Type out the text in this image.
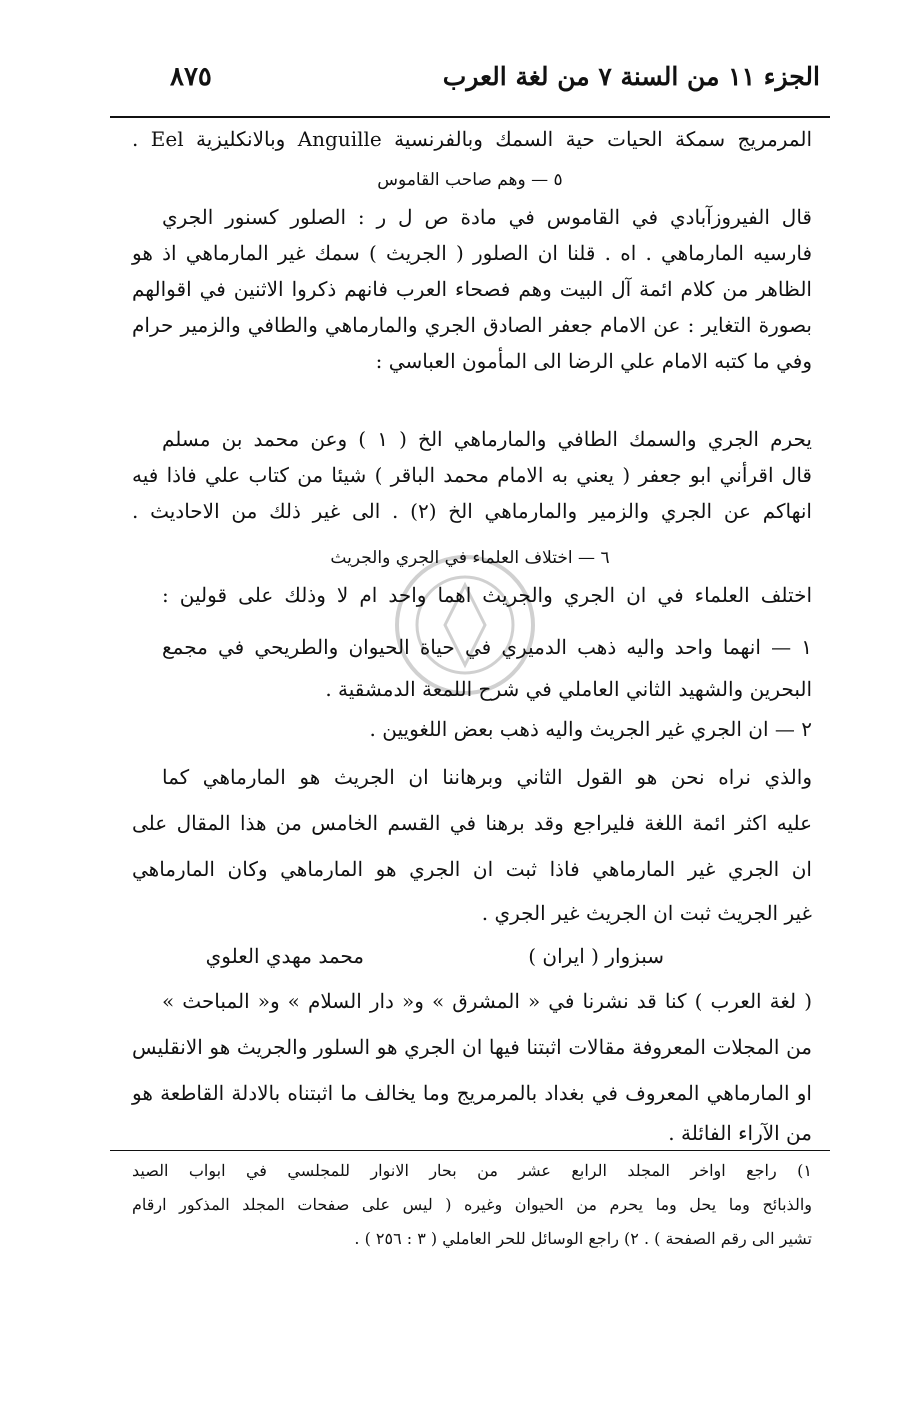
٨٧٥	الجزء ١١ من السنة ٧ من لغة العرب
المرمريج سمكة الحيات حية السمك وبالفرنسية Anguille وبالانكليزية Eel .
٥ — وهم صاحب القاموس
قال الفيروزآبادي في القاموس في مادة ص ل ر : الصلور كسنور الجري
فارسيه المارماهي . اه . قلنا ان الصلور ( الجريث ) سمك غير المارماهي اذ هو
الظاهر من كلام ائمة آل البيت وهم فصحاء العرب فانهم ذكروا الاثنين في اقوالهم
بصورة التغاير : عن الامام جعفر الصادق الجري والمارماهي والطافي والزمير حرام
وفي ما كتبه الامام علي الرضا الى المأمون العباسي :
يحرم الجري والسمك الطافي والمارماهي الخ ( ١ ) وعن محمد بن مسلم
قال اقرأني ابو جعفر ( يعني به الامام محمد الباقر ) شيئا من كتاب علي فاذا فيه
انهاكم عن الجري والزمير والمارماهي الخ (٢) . الى غير ذلك من الاحاديث .
٦ — اختلاف العلماء في الجري والجريث
اختلف العلماء في ان الجري والجريث اهما واحد ام لا وذلك على قولين :
١ — انهما واحد واليه ذهب الدميري في حياة الحيوان والطريحي في مجمع
البحرين والشهيد الثاني العاملي في شرح اللمعة الدمشقية .
٢ — ان الجري غير الجريث واليه ذهب بعض اللغويين .
والذي نراه نحن هو القول الثاني وبرهاننا ان الجريث هو المارماهي كما
عليه اكثر ائمة اللغة فليراجع وقد برهنا في القسم الخامس من هذا المقال على
ان الجري غير المارماهي فاذا ثبت ان الجري هو المارماهي وكان المارماهي
غير الجريث ثبت ان الجريث غير الجري .
سبزوار ( ايران )
محمد مهدي العلوي
( لغة العرب ) كنا قد نشرنا في « المشرق » و« دار السلام » و« المباحث »
من المجلات المعروفة مقالات اثبتنا فيها ان الجري هو السلور والجريث هو الانقليس
او المارماهي المعروف في بغداد بالمرمريج وما يخالف ما اثبتناه بالادلة القاطعة هو
من الآراء الفائلة .
١) راجع اواخر المجلد الرابع عشر من بحار الانوار للمجلسي في ابواب الصيد
والذبائح وما يحل وما يحرم من الحيوان وغيره ( ليس على صفحات المجلد المذكور ارقام
تشير الى رقم الصفحة ) . ٢) راجع الوسائل للحر العاملي ( ٣ : ٢٥٦ ) .
